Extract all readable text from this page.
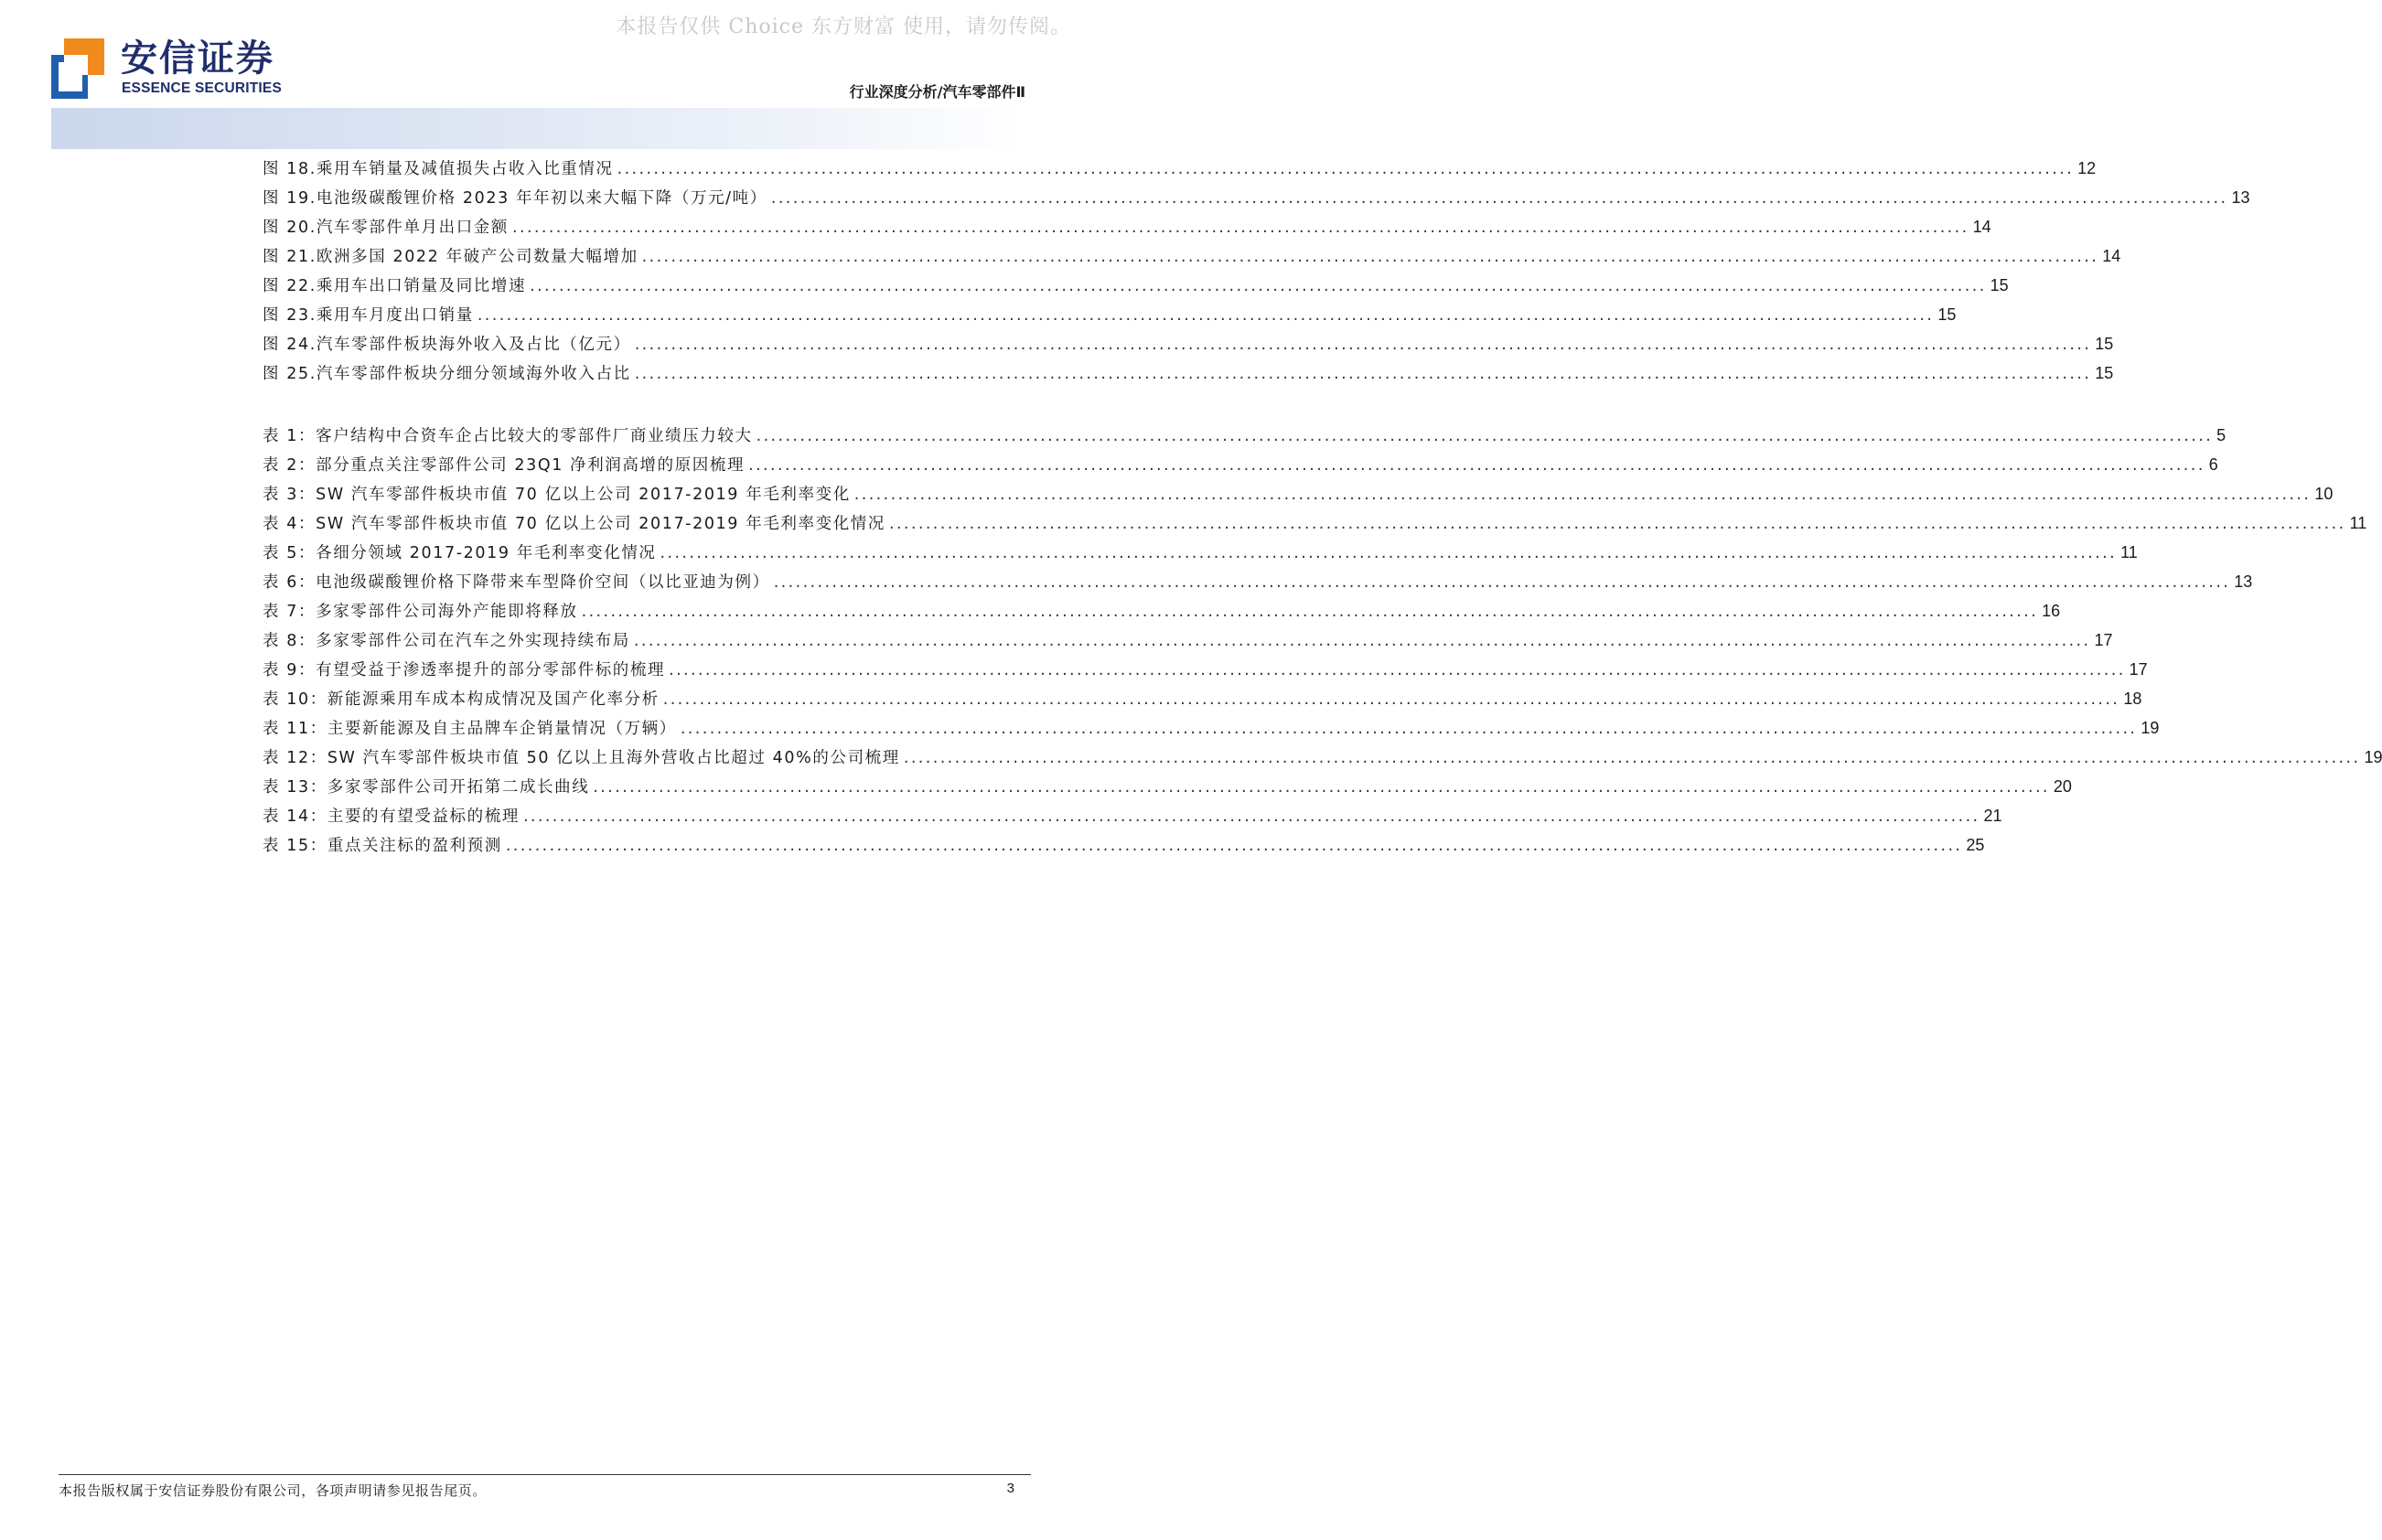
本报告仅供 Choice 东方财富 使用，请勿传阅。
安信证券
ESSENCE SECURITIES	行业深度分析/汽车零部件Ⅱ
图 18. 乘用车销量及减值损失占收入比重情况 .....	12
图 19. 电池级碳酸锂价格 2023 年年初以来大幅下降（万元/吨） .....	13
图 20. 汽车零部件单月出口金额 .....	14
图 21. 欧洲多国 2022 年破产公司数量大幅增加 .....	14
图 22. 乘用车出口销量及同比增速 .....	15
图 23. 乘用车月度出口销量 .....	15
图 24. 汽车零部件板块海外收入及占比（亿元） .....	15
图 25. 汽车零部件板块分细分领域海外收入占比 .....	15
表 1： 客户结构中合资车企占比较大的零部件厂商业绩压力较大 .....	5
表 2： 部分重点关注零部件公司 23Q1 净利润高增的原因梳理 .....	6
表 3： SW 汽车零部件板块市值 70 亿以上公司 2017-2019 年毛利率变化 .....	10
表 4： SW 汽车零部件板块市值 70 亿以上公司 2017-2019 年毛利率变化情况 .....	11
表 5： 各细分领域 2017-2019 年毛利率变化情况 .....	11
表 6： 电池级碳酸锂价格下降带来车型降价空间（以比亚迪为例） .....	13
表 7： 多家零部件公司海外产能即将释放 .....	16
表 8： 多家零部件公司在汽车之外实现持续布局 .....	17
表 9： 有望受益于渗透率提升的部分零部件标的梳理 .....	17
表 10： 新能源乘用车成本构成情况及国产化率分析 .....	18
表 11： 主要新能源及自主品牌车企销量情况（万辆） .....	19
表 12： SW 汽车零部件板块市值 50 亿以上且海外营收占比超过 40%的公司梳理 .....	19
表 13： 多家零部件公司开拓第二成长曲线 .....	20
表 14： 主要的有望受益标的梳理 .....	21
表 15： 重点关注标的盈利预测 .....	25
本报告版权属于安信证券股份有限公司，各项声明请参见报告尾页。	3
